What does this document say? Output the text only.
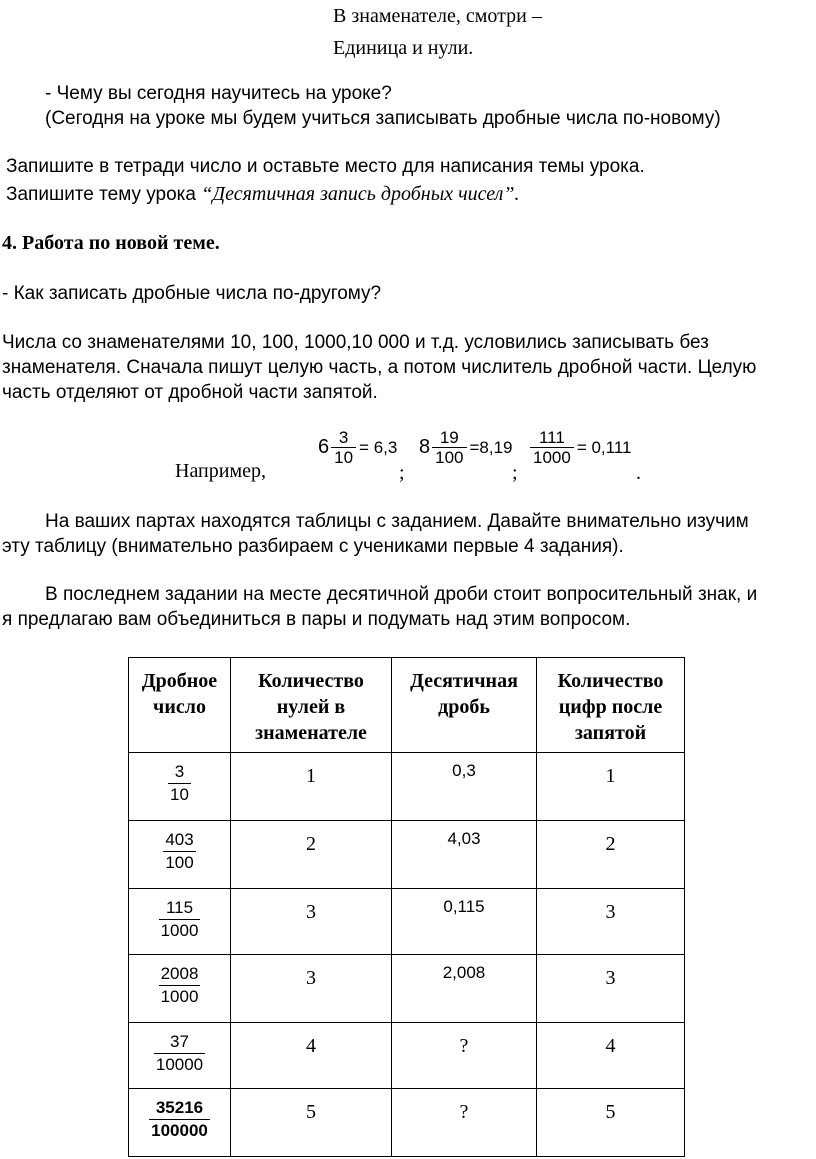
В знаменателе, смотри –
Единица и нули.
- Чему вы сегодня научитесь на уроке?
(Сегодня на уроке мы будем учиться записывать дробные числа по-новому)
Запишите в тетради число и оставьте место для написания темы урока.
Запишите тему урока “Десятичная запись дробных чисел”.
4. Работа по новой теме.
- Как записать дробные числа по-другому?
Числа со знаменателями 10, 100, 1000,10 000 и т.д. условились записывать без
знаменателя. Сначала пишут целую часть, а потом числитель дробной части. Целую
часть отделяют от дробной части запятой.
Например,
$6 \frac{3}{10} = 6,3$
;
$8 \frac{19}{100} =8,19$
;
$\frac{111}{1000} = 0,111$
.
На ваших партах находятся таблицы с заданием. Давайте внимательно изучим
эту таблицу (внимательно разбираем с учениками первые 4 задания).
В последнем задании на месте десятичной дроби стоит вопросительный знак, и
я предлагаю вам объединиться в пары и подумать над этим вопросом.
Дробное
число	Количество
нулей в
знаменателе	Десятичная
дробь	Количество
цифр после
запятой

$\frac{3}{10}$	1	0,3	1

$\frac{403}{100}$	2	4,03	2

$\frac{115}{1000}$	3	0,115	3

$\frac{2008}{1000}$	3	2,008	3

$\frac{37}{10000}$	4	?	4

$\frac{35216}{100000}$	5	?	5
